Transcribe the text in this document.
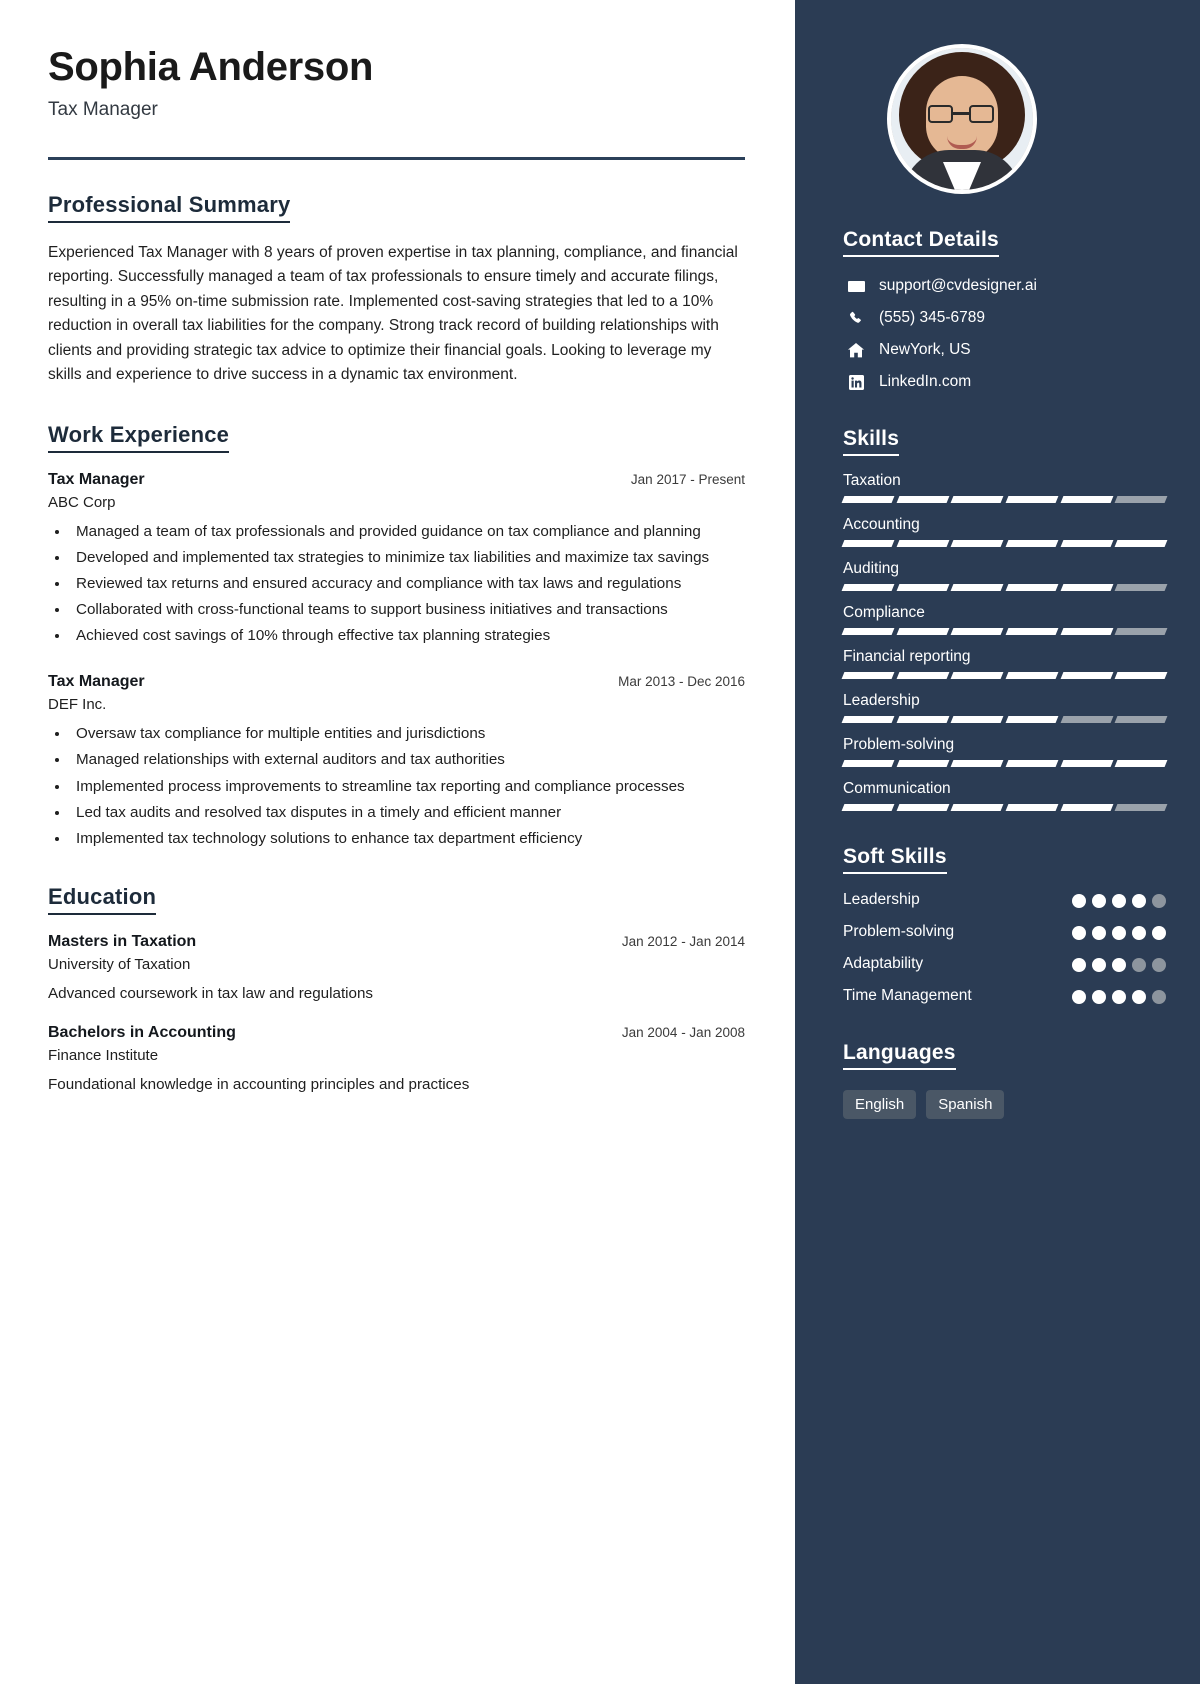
Sophia Anderson
Tax Manager
Professional Summary

Experienced Tax Manager with 8 years of proven expertise in tax planning, compliance, and financial reporting. Successfully managed a team of tax professionals to ensure timely and accurate filings, resulting in a 95% on-time submission rate. Implemented cost-saving strategies that led to a 10% reduction in overall tax liabilities for the company. Strong track record of building relationships with clients and providing strategic tax advice to optimize their financial goals. Looking to leverage my skills and experience to drive success in a dynamic tax environment.

Work Experience
Tax Manager	Jan 2017 - Present
ABC Corp
• Managed a team of tax professionals and provided guidance on tax compliance and planning
• Developed and implemented tax strategies to minimize tax liabilities and maximize tax savings
• Reviewed tax returns and ensured accuracy and compliance with tax laws and regulations
• Collaborated with cross-functional teams to support business initiatives and transactions
• Achieved cost savings of 10% through effective tax planning strategies
Tax Manager	Mar 2013 - Dec 2016
DEF Inc.
• Oversaw tax compliance for multiple entities and jurisdictions
• Managed relationships with external auditors and tax authorities
• Implemented process improvements to streamline tax reporting and compliance processes
• Led tax audits and resolved tax disputes in a timely and efficient manner
• Implemented tax technology solutions to enhance tax department efficiency
Education
Masters in Taxation	Jan 2012 - Jan 2014
University of Taxation
Advanced coursework in tax law and regulations
Bachelors in Accounting	Jan 2004 - Jan 2008
Finance Institute
Foundational knowledge in accounting principles and practices
Contact Details
support@cvdesigner.ai
(555) 345-6789
NewYork, US
LinkedIn.com
Skills
Taxation
Accounting
Auditing
Compliance
Financial reporting
Leadership
Problem-solving
Communication
Soft Skills
Leadership
Problem-solving
Adaptability
Time Management
Languages
English	Spanish
